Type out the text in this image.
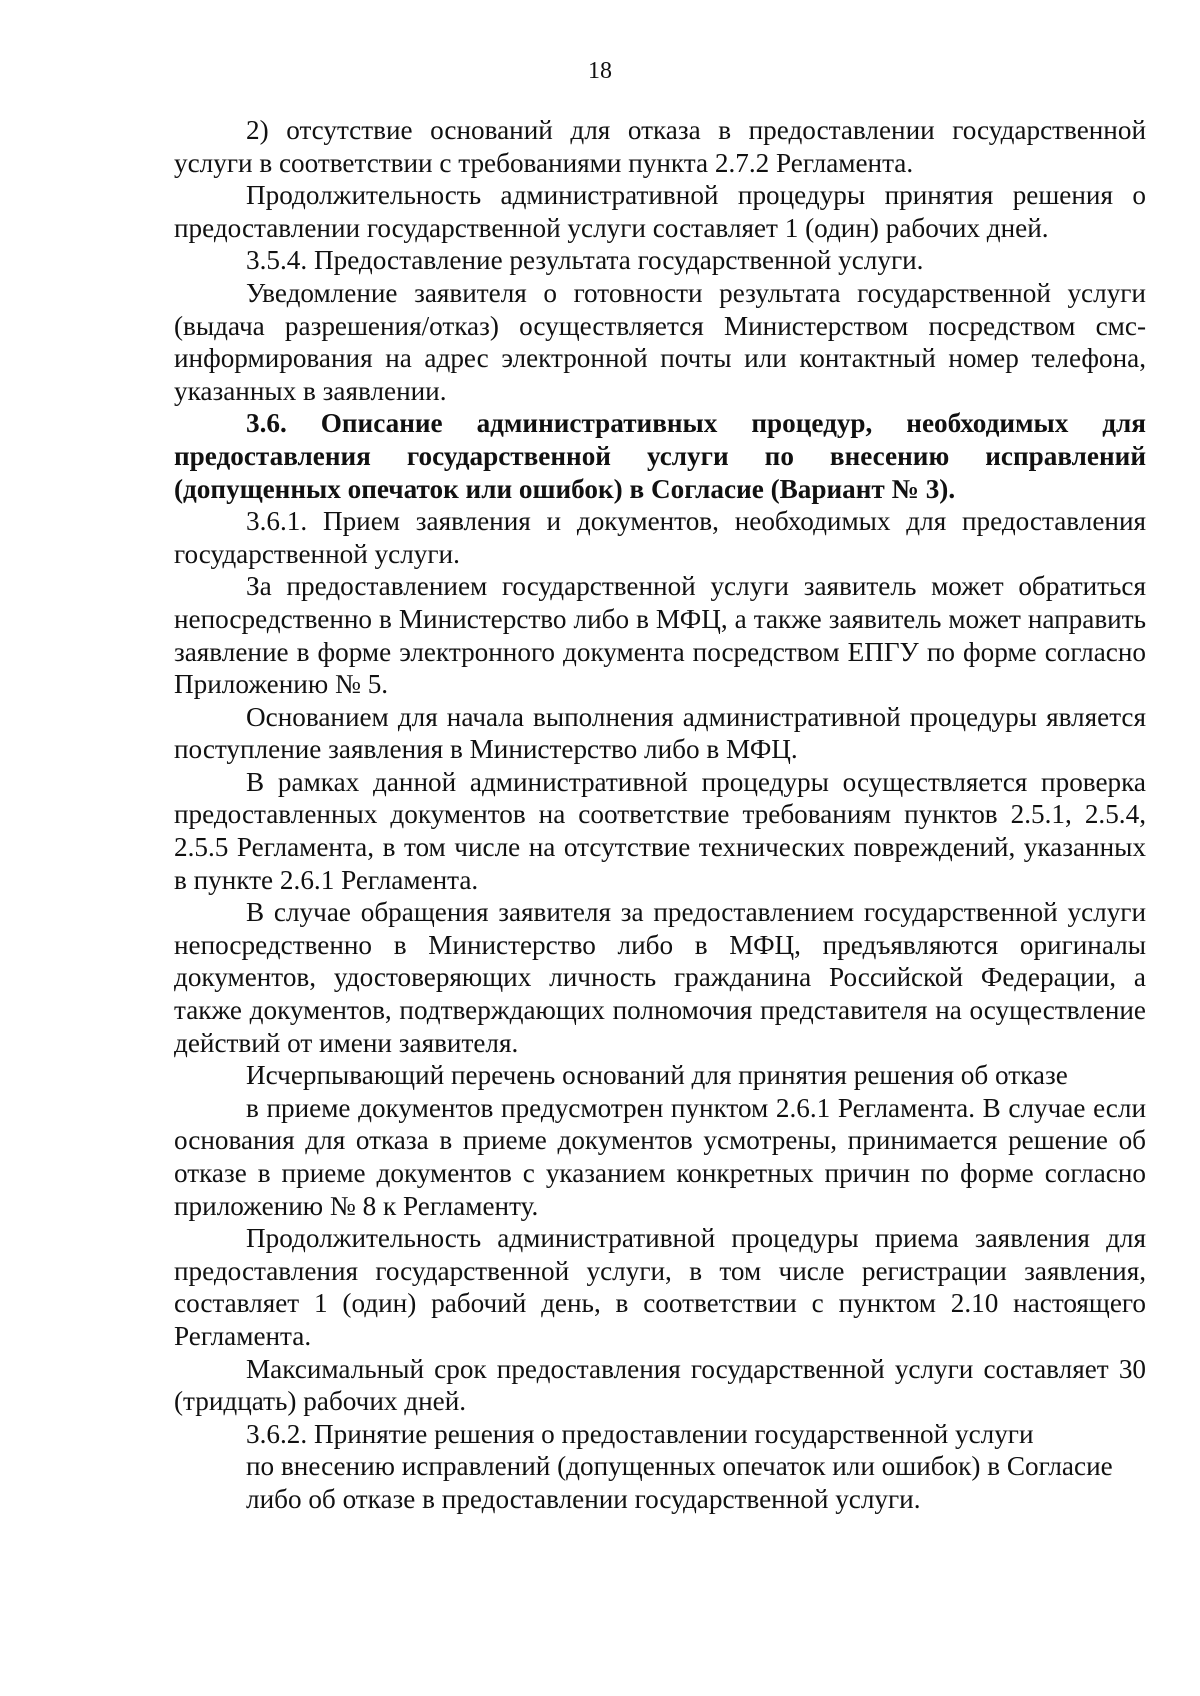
18

2) отсутствие оснований для отказа в предоставлении государственной услуги в соответствии с требованиями пункта 2.7.2 Регламента.

Продолжительность административной процедуры принятия решения о предоставлении государственной услуги составляет 1 (один) рабочих дней.

3.5.4. Предоставление результата государственной услуги.

Уведомление заявителя о готовности результата государственной услуги (выдача разрешения/отказ) осуществляется Министерством посредством смс-информирования на адрес электронной почты или контактный номер телефона, указанных в заявлении.

3.6. Описание административных процедур, необходимых для предоставления государственной услуги по внесению исправлений (допущенных опечаток или ошибок) в Согласие (Вариант № 3).

3.6.1. Прием заявления и документов, необходимых для предоставления государственной услуги.

За предоставлением государственной услуги заявитель может обратиться непосредственно в Министерство либо в МФЦ, а также заявитель может направить заявление в форме электронного документа посредством ЕПГУ по форме согласно Приложению № 5.

Основанием для начала выполнения административной процедуры является поступление заявления в Министерство либо в МФЦ.

В рамках данной административной процедуры осуществляется проверка предоставленных документов на соответствие требованиям пунктов 2.5.1, 2.5.4, 2.5.5 Регламента, в том числе на отсутствие технических повреждений, указанных в пункте 2.6.1 Регламента.

В случае обращения заявителя за предоставлением государственной услуги непосредственно в Министерство либо в МФЦ, предъявляются оригиналы документов, удостоверяющих личность гражданина Российской Федерации, а также документов, подтверждающих полномочия представителя на осуществление действий от имени заявителя.

Исчерпывающий перечень оснований для принятия решения об отказе

в приеме документов предусмотрен пунктом 2.6.1 Регламента. В случае если основания для отказа в приеме документов усмотрены, принимается решение об отказе в приеме документов с указанием конкретных причин по форме согласно приложению № 8 к Регламенту.

Продолжительность административной процедуры приема заявления для предоставления государственной услуги, в том числе регистрации заявления, составляет 1 (один) рабочий день, в соответствии с пунктом 2.10 настоящего Регламента.

Максимальный срок предоставления государственной услуги составляет 30 (тридцать) рабочих дней.

3.6.2. Принятие решения о предоставлении государственной услуги

по внесению исправлений (допущенных опечаток или ошибок) в Согласие

либо об отказе в предоставлении государственной услуги.
